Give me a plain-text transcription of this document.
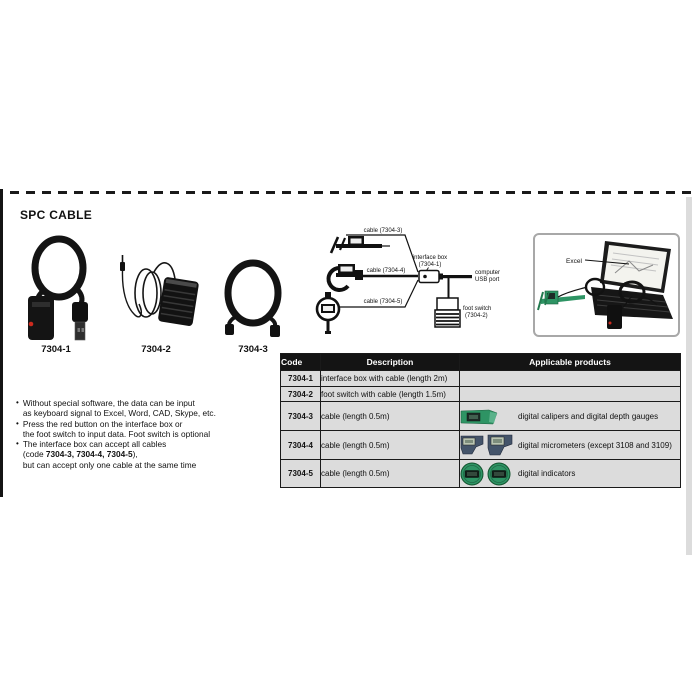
SPC CABLE
7304-1	7304-2	7304-3
• Without special software, the data can be input
as keyboard signal to Excel, Word, CAD, Skype, etc.
• Press the red button on the interface box or
the foot switch to input data. Foot switch is optional
• The interface box can accept all cables
(code 7304-3, 7304-4, 7304-5),
but can accept only one cable at the same time
cable (7304-3)
cable (7304-4)
cable (7304-5)
interface box
(7304-1)
computer
USB port
foot switch
(7304-2)
Excel
Code	Description	Applicable products
7304-1	interface box with cable (length 2m)	
7304-2	foot switch with cable (length 1.5m)	
7304-3	cable (length 0.5m)	digital calipers and digital depth gauges

7304-4	cable (length 0.5m)	digital micrometers (except 3108 and 3109)

7304-5	cable (length 0.5m)	digital indicators
